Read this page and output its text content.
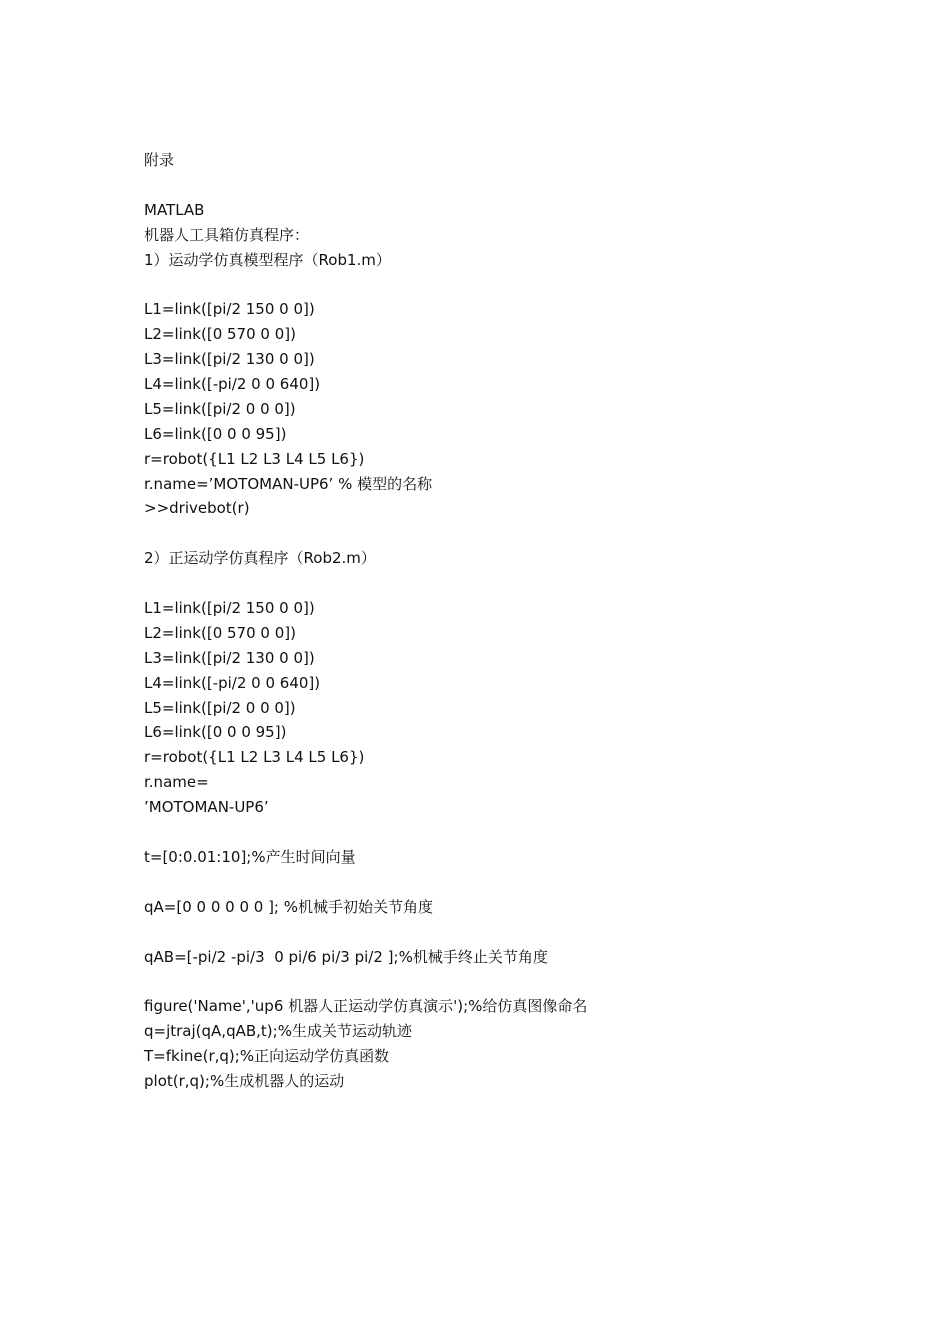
附录
MATLAB
机器人工具箱仿真程序：
1）运动学仿真模型程序（Rob1.m）
L1=link([pi/2 150 0 0])
L2=link([0 570 0 0])
L3=link([pi/2 130 0 0])
L4=link([-pi/2 0 0 640])
L5=link([pi/2 0 0 0])
L6=link([0 0 0 95])
r=robot({L1 L2 L3 L4 L5 L6})
r.name=’MOTOMAN-UP6’ % 模型的名称
>>drivebot(r)
2）正运动学仿真程序（Rob2.m）
L1=link([pi/2 150 0 0])
L2=link([0 570 0 0])
L3=link([pi/2 130 0 0])
L4=link([-pi/2 0 0 640])
L5=link([pi/2 0 0 0])
L6=link([0 0 0 95])
r=robot({L1 L2 L3 L4 L5 L6})
r.name=
’MOTOMAN-UP6’
t=[0:0.01:10];%产生时间向量
qA=[0 0 0 0 0 0 ]; %机械手初始关节角度
qAB=[-pi/2 -pi/3  0 pi/6 pi/3 pi/2 ];%机械手终止关节角度
figure('Name','up6 机器人正运动学仿真演示');%给仿真图像命名
q=jtraj(qA,qAB,t);%生成关节运动轨迹
T=fkine(r,q);%正向运动学仿真函数
plot(r,q);%生成机器人的运动
